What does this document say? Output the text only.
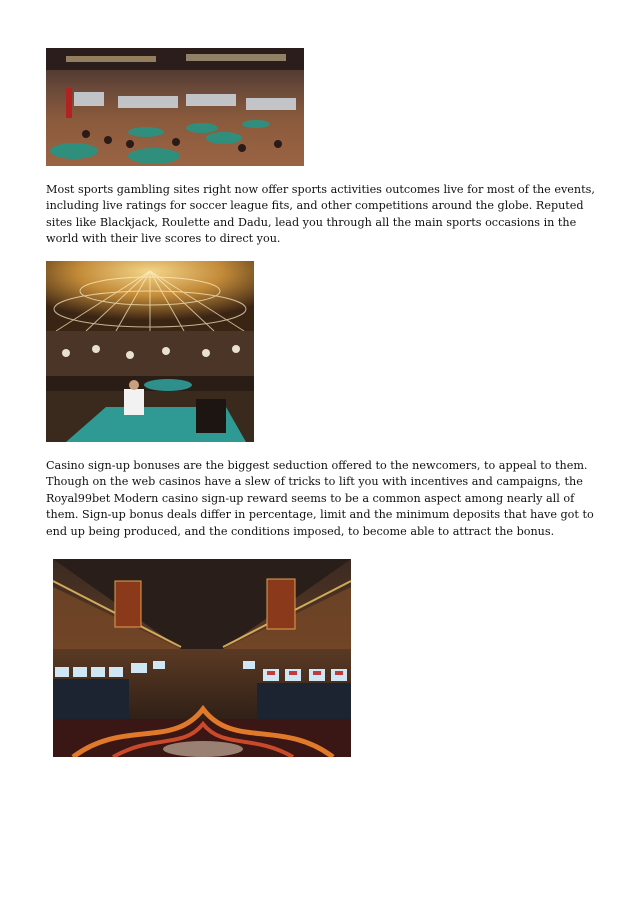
Most sports gambling sites right now offer sports activities outcomes live for most of the events, including live ratings for soccer league fits, and other competitions around the globe. Reputed sites like Blackjack, Roulette and Dadu, lead you through all the main sports occasions in the world with their live scores to direct you.

Casino sign-up bonuses are the biggest seduction offered to the newcomers, to appeal to them. Though on the web casinos have a slew of tricks to lift you with incentives and campaigns, the Royal99bet Modern casino sign-up reward seems to be a common aspect among nearly all of them. Sign-up bonus deals differ in percentage, limit and the minimum deposits that have got to end up being produced, and the conditions imposed, to become able to attract the bonus.
